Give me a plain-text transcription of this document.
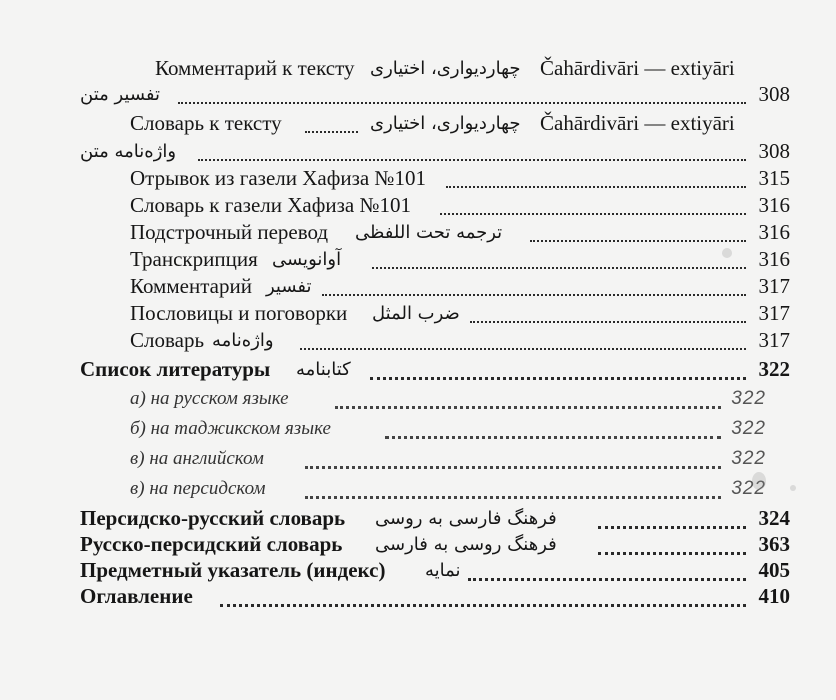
Комментарий к тексту چهاردیواری، اختیاری Čahārdivāri — extiyāri
تفسير متن	308
Словарь к тексту	چهاردیواری، اختیاری Čahārdivāri — extiyāri
واژه‌نامه متن	308
Отрывок из газели Хафиза №101	315
Словарь к газели Хафиза №101	316
Подстрочный перевод ترجمه تحت اللفظی	316
Транскрипция آوانویسی	316
Комментарий تفسیر	317
Пословицы и поговорки ضرب المثل	317
Словарь واژه‌نامه	317
Список литературы کتابنامه	322
а) на русском языке	322
б) на таджикском языке	322
в) на английском	322
в) на персидском	322
Персидско-русский словарь فرهنگ فارسی به روسی	324
Русско-персидский словарь فرهنگ روسی به فارسی	363
Предметный указатель (индекс) نمایه	405
Оглавление	410
